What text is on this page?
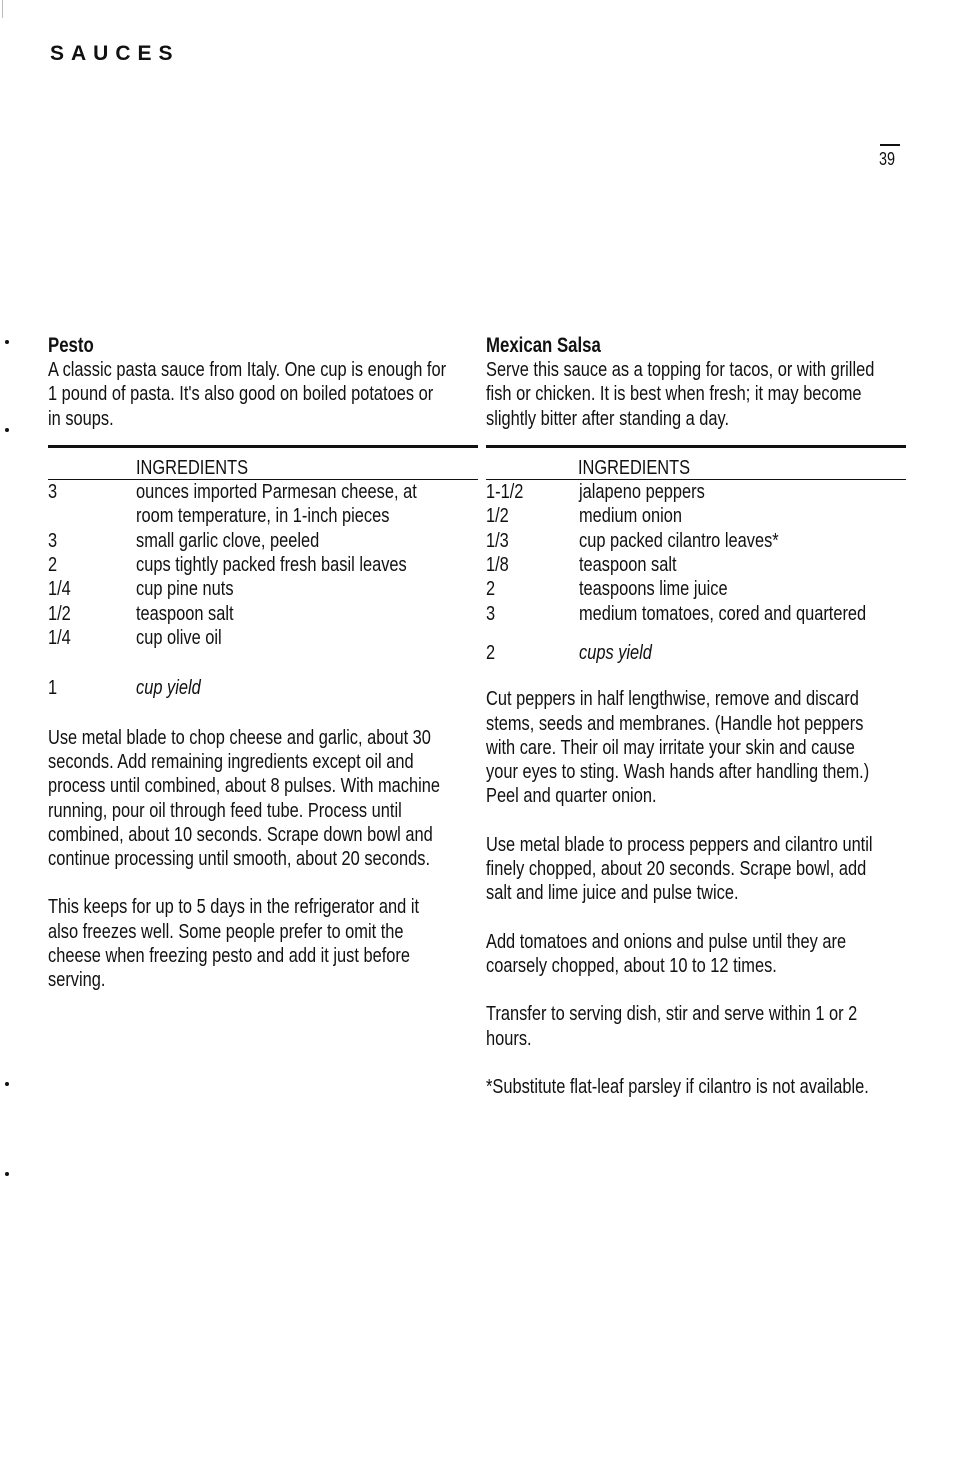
SAUCES
39
Pesto
A classic pasta sauce from Italy. One cup is enough for
1 pound of pasta. It's also good on boiled potatoes or
in soups.
INGREDIENTS
3	ounces imported Parmesan cheese, at
room temperature, in 1-inch pieces
3	small garlic clove, peeled
2	cups tightly packed fresh basil leaves
1/4	cup pine nuts
1/2	teaspoon salt
1/4	cup olive oil
1	cup yield
Use metal blade to chop cheese and garlic, about 30
seconds. Add remaining ingredients except oil and
process until combined, about 8 pulses. With machine
running, pour oil through feed tube. Process until
combined, about 10 seconds. Scrape down bowl and
continue processing until smooth, about 20 seconds.
This keeps for up to 5 days in the refrigerator and it
also freezes well. Some people prefer to omit the
cheese when freezing pesto and add it just before
serving.
Mexican Salsa
Serve this sauce as a topping for tacos, or with grilled
fish or chicken. It is best when fresh; it may become
slightly bitter after standing a day.
INGREDIENTS
1-1/2	jalapeno peppers
1/2	medium onion
1/3	cup packed cilantro leaves*
1/8	teaspoon salt
2	teaspoons lime juice
3	medium tomatoes, cored and quartered
2	cups yield
Cut peppers in half lengthwise, remove and discard
stems, seeds and membranes. (Handle hot peppers
with care. Their oil may irritate your skin and cause
your eyes to sting. Wash hands after handling them.)
Peel and quarter onion.
Use metal blade to process peppers and cilantro until
finely chopped, about 20 seconds. Scrape bowl, add
salt and lime juice and pulse twice.
Add tomatoes and onions and pulse until they are
coarsely chopped, about 10 to 12 times.
Transfer to serving dish, stir and serve within 1 or 2
hours.
*Substitute flat-leaf parsley if cilantro is not available.
